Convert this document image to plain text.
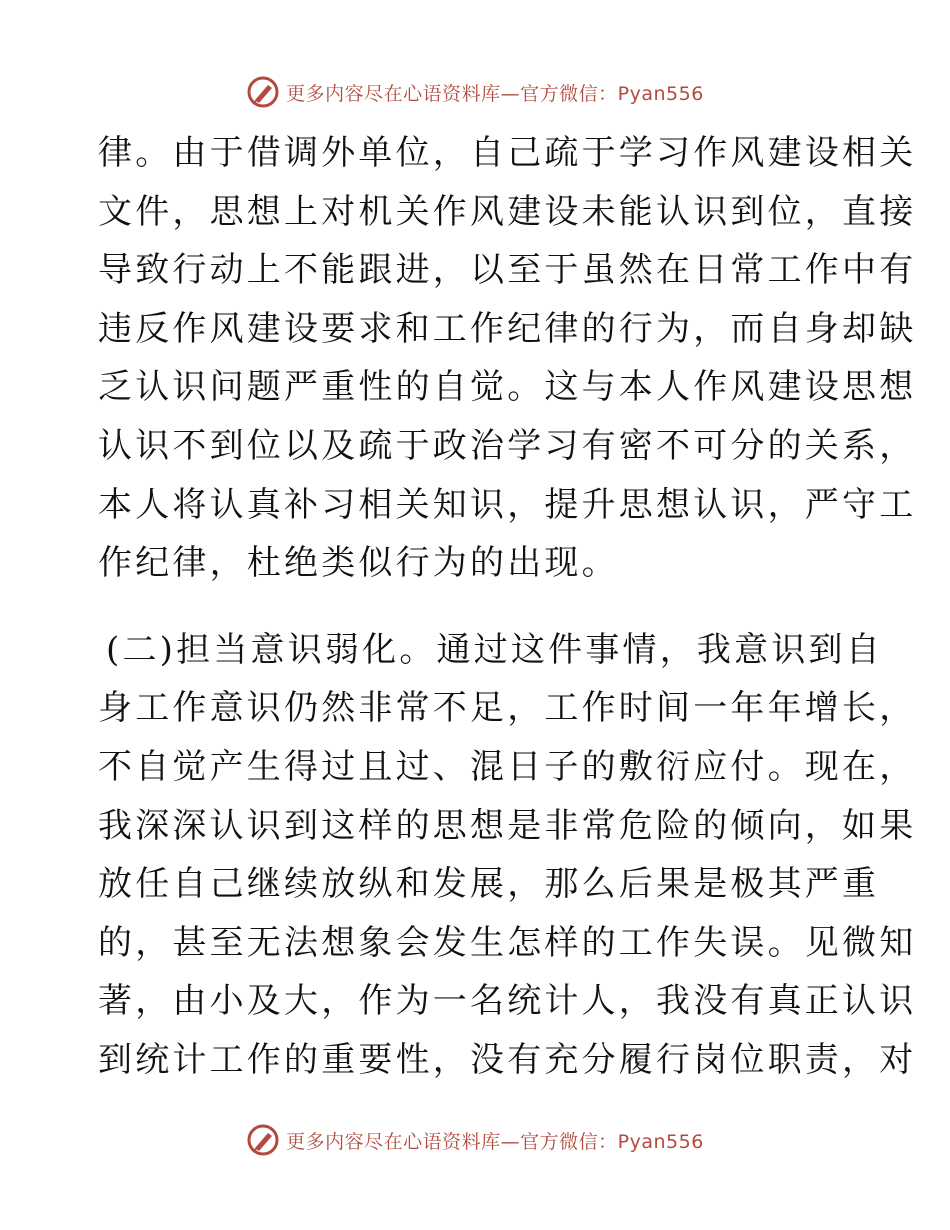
更多内容尽在心语资料库—官方微信：Pyan556
律。由于借调外单位，自己疏于学习作风建设相关
文件，思想上对机关作风建设未能认识到位，直接
导致行动上不能跟进，以至于虽然在日常工作中有
违反作风建设要求和工作纪律的行为，而自身却缺
乏认识问题严重性的自觉。这与本人作风建设思想
认识不到位以及疏于政治学习有密不可分的关系，
本人将认真补习相关知识，提升思想认识，严守工
作纪律，杜绝类似行为的出现。
(二)担当意识弱化。通过这件事情，我意识到自
身工作意识仍然非常不足，工作时间一年年增长，
不自觉产生得过且过、混日子的敷衍应付。现在，
我深深认识到这样的思想是非常危险的倾向，如果
放任自己继续放纵和发展，那么后果是极其严重
的，甚至无法想象会发生怎样的工作失误。见微知
著，由小及大，作为一名统计人，我没有真正认识
到统计工作的重要性，没有充分履行岗位职责，对
更多内容尽在心语资料库—官方微信：Pyan556
